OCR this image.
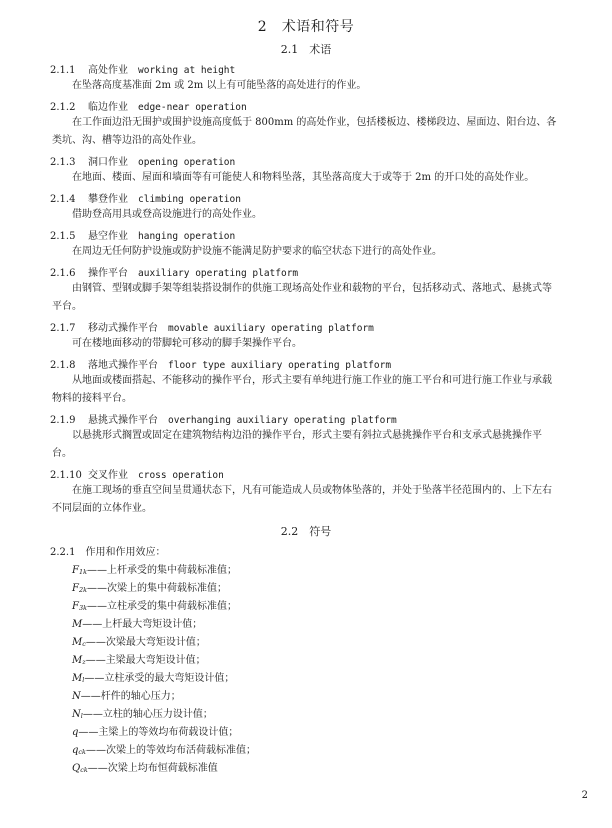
2　术语和符号
2.1　术语
2.1.1 高处作业 working at height

在坠落高度基准面 2m 或 2m 以上有可能坠落的高处进行的作业。

2.1.2 临边作业 edge-near operation

在工作面边沿无围护或围护设施高度低于 800mm 的高处作业，包括楼板边、楼梯段边、屋面边、阳台边、各类坑、沟、槽等边沿的高处作业。

2.1.3 洞口作业 opening operation

在地面、楼面、屋面和墙面等有可能使人和物料坠落，其坠落高度大于或等于 2m 的开口处的高处作业。

2.1.4 攀登作业 climbing operation

借助登高用具或登高设施进行的高处作业。

2.1.5 悬空作业 hanging operation

在周边无任何防护设施或防护设施不能满足防护要求的临空状态下进行的高处作业。

2.1.6 操作平台 auxiliary operating platform

由钢管、型钢或脚手架等组装搭设制作的供施工现场高处作业和载物的平台，包括移动式、落地式、悬挑式等平台。

2.1.7 移动式操作平台 movable auxiliary operating platform

可在楼地面移动的带脚轮可移动的脚手架操作平台。

2.1.8 落地式操作平台 floor type auxiliary operating platform

从地面或楼面搭起、不能移动的操作平台，形式主要有单纯进行施工作业的施工平台和可进行施工作业与承载物料的接料平台。

2.1.9 悬挑式操作平台 overhanging auxiliary operating platform

以悬挑形式搁置或固定在建筑物结构边沿的操作平台，形式主要有斜拉式悬挑操作平台和支承式悬挑操作平台。

2.1.10 交叉作业 cross operation

在施工现场的垂直空间呈贯通状态下，凡有可能造成人员或物体坠落的，并处于坠落半径范围内的、上下左右不同层面的立体作业。

2.2　符号
2.2.1　作用和作用效应：
F1k——上杆承受的集中荷载标准值；
F2k——次梁上的集中荷载标准值；
F3k——立柱承受的集中荷载标准值；
M——上杆最大弯矩设计值；
Mc——次梁最大弯矩设计值；
Mz——主梁最大弯矩设计值；
Ml——立柱承受的最大弯矩设计值；
N——杆件的轴心压力；
Nl——立柱的轴心压力设计值；
q——主梁上的等效均布荷载设计值；
qck——次梁上的等效均布活荷载标准值；
Qck——次梁上均布恒荷载标准值
2
